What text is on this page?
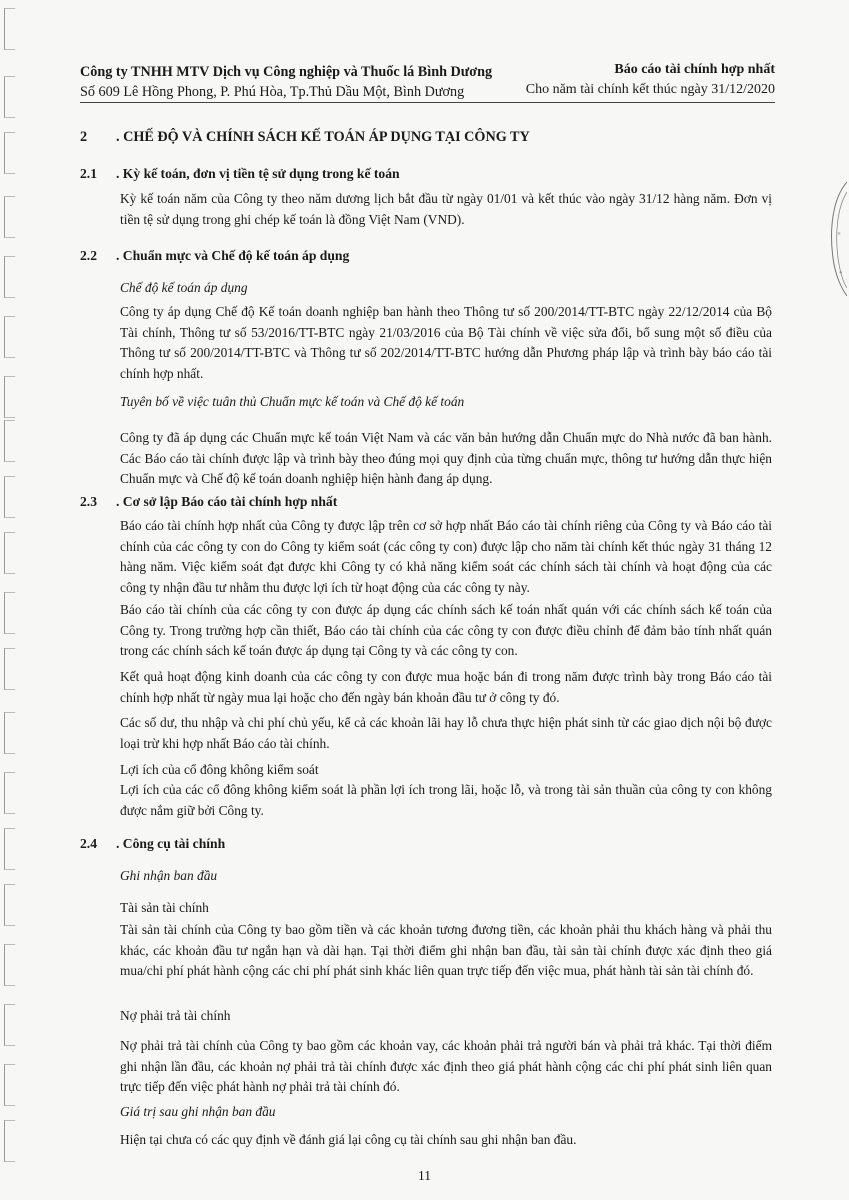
×
*
Công ty TNHH MTV Dịch vụ Công nghiệp và Thuốc lá Bình Dương
Số 609 Lê Hồng Phong, P. Phú Hòa, Tp.Thủ Dầu Một, Bình Dương
Báo cáo tài chính hợp nhất
Cho năm tài chính kết thúc ngày 31/12/2020
2 . CHẾ ĐỘ VÀ CHÍNH SÁCH KẾ TOÁN ÁP DỤNG TẠI CÔNG TY
2.1 . Kỳ kế toán, đơn vị tiền tệ sử dụng trong kế toán
Kỳ kế toán năm của Công ty theo năm dương lịch bắt đầu từ ngày 01/01 và kết thúc vào ngày 31/12 hàng năm. Đơn vị tiền tệ sử dụng trong ghi chép kế toán là đồng Việt Nam (VND).
2.2 . Chuẩn mực và Chế độ kế toán áp dụng
Chế độ kế toán áp dụng
Công ty áp dụng Chế độ Kế toán doanh nghiệp ban hành theo Thông tư số 200/2014/TT-BTC ngày 22/12/2014 của Bộ Tài chính, Thông tư số 53/2016/TT-BTC ngày 21/03/2016 của Bộ Tài chính về việc sửa đổi, bổ sung một số điều của Thông tư số 200/2014/TT-BTC và Thông tư số 202/2014/TT-BTC hướng dẫn Phương pháp lập và trình bày báo cáo tài chính hợp nhất.
Tuyên bố về việc tuân thủ Chuẩn mực kế toán và Chế độ kế toán
Công ty đã áp dụng các Chuẩn mực kế toán Việt Nam và các văn bản hướng dẫn Chuẩn mực do Nhà nước đã ban hành. Các Báo cáo tài chính được lập và trình bày theo đúng mọi quy định của từng chuẩn mực, thông tư hướng dẫn thực hiện Chuẩn mực và Chế độ kế toán doanh nghiệp hiện hành đang áp dụng.
2.3 . Cơ sở lập Báo cáo tài chính hợp nhất
Báo cáo tài chính hợp nhất của Công ty được lập trên cơ sở hợp nhất Báo cáo tài chính riêng của Công ty và Báo cáo tài chính của các công ty con do Công ty kiểm soát (các công ty con) được lập cho năm tài chính kết thúc ngày 31 tháng 12 hàng năm. Việc kiểm soát đạt được khi Công ty có khả năng kiểm soát các chính sách tài chính và hoạt động của các công ty nhận đầu tư nhằm thu được lợi ích từ hoạt động của các công ty này.
Báo cáo tài chính của các công ty con được áp dụng các chính sách kế toán nhất quán với các chính sách kế toán của Công ty. Trong trường hợp cần thiết, Báo cáo tài chính của các công ty con được điều chỉnh để đảm bảo tính nhất quán trong các chính sách kế toán được áp dụng tại Công ty và các công ty con.
Kết quả hoạt động kinh doanh của các công ty con được mua hoặc bán đi trong năm được trình bày trong Báo cáo tài chính hợp nhất từ ngày mua lại hoặc cho đến ngày bán khoản đầu tư ở công ty đó.
Các số dư, thu nhập và chi phí chủ yếu, kể cả các khoản lãi hay lỗ chưa thực hiện phát sinh từ các giao dịch nội bộ được loại trừ khi hợp nhất Báo cáo tài chính.
Lợi ích của cổ đông không kiểm soát
Lợi ích của các cổ đông không kiểm soát là phần lợi ích trong lãi, hoặc lỗ, và trong tài sản thuần của công ty con không được nắm giữ bởi Công ty.
2.4 . Công cụ tài chính
Ghi nhận ban đầu
Tài sản tài chính
Tài sản tài chính của Công ty bao gồm tiền và các khoản tương đương tiền, các khoản phải thu khách hàng và phải thu khác, các khoản đầu tư ngắn hạn và dài hạn. Tại thời điểm ghi nhận ban đầu, tài sản tài chính được xác định theo giá mua/chi phí phát hành cộng các chi phí phát sinh khác liên quan trực tiếp đến việc mua, phát hành tài sản tài chính đó.
Nợ phải trả tài chính
Nợ phải trả tài chính của Công ty bao gồm các khoản vay, các khoản phải trả người bán và phải trả khác. Tại thời điểm ghi nhận lần đầu, các khoản nợ phải trả tài chính được xác định theo giá phát hành cộng các chi phí phát sinh liên quan trực tiếp đến việc phát hành nợ phải trả tài chính đó.
Giá trị sau ghi nhận ban đầu
Hiện tại chưa có các quy định về đánh giá lại công cụ tài chính sau ghi nhận ban đầu.
11
